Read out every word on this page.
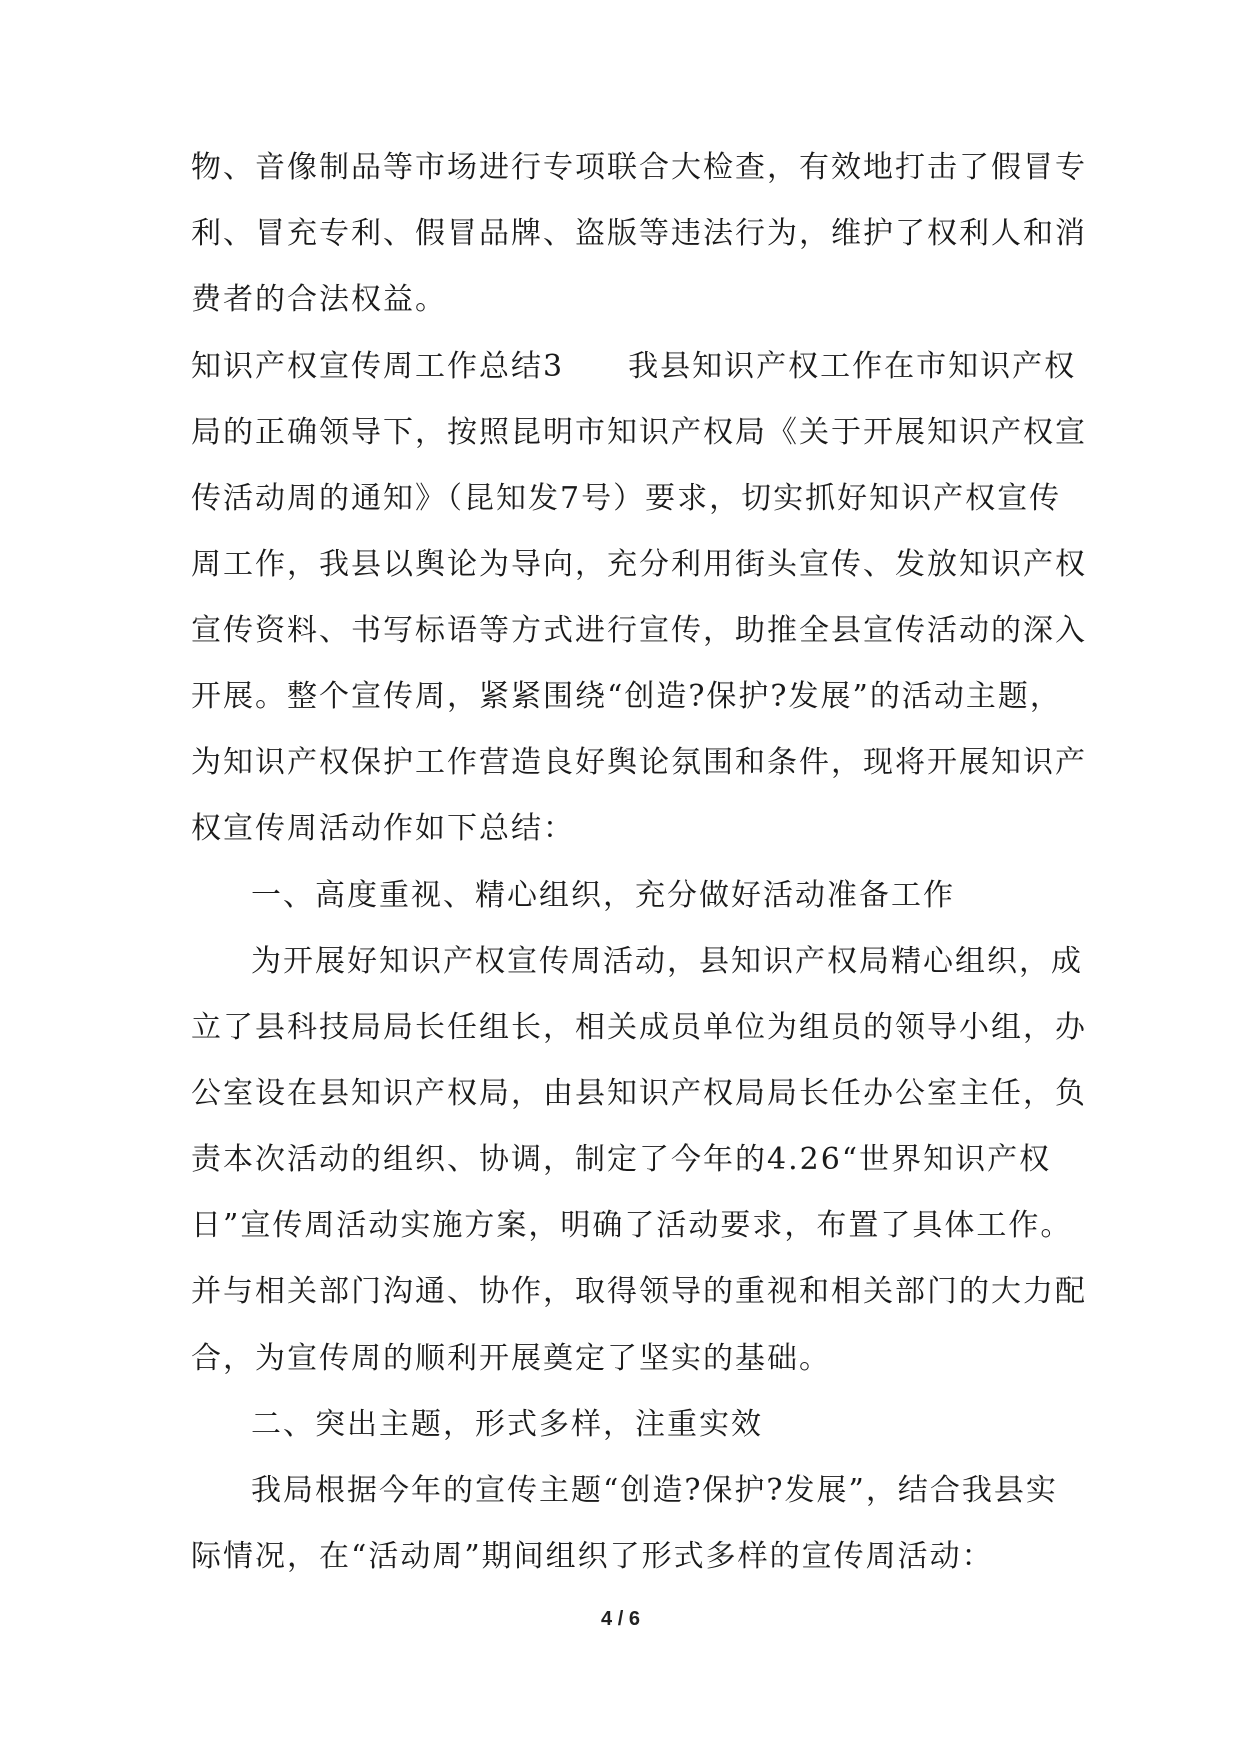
物、音像制品等市场进行专项联合大检查，有效地打击了假冒专
利、冒充专利、假冒品牌、盗版等违法行为，维护了权利人和消
费者的合法权益。
知识产权宣传周工作总结3　　我县知识产权工作在市知识产权
局的正确领导下，按照昆明市知识产权局《关于开展知识产权宣
传活动周的通知》（昆知发7号）要求，切实抓好知识产权宣传
周工作，我县以舆论为导向，充分利用街头宣传、发放知识产权
宣传资料、书写标语等方式进行宣传，助推全县宣传活动的深入
开展。整个宣传周，紧紧围绕“创造?保护?发展”的活动主题，
为知识产权保护工作营造良好舆论氛围和条件，现将开展知识产
权宣传周活动作如下总结：
一、高度重视、精心组织，充分做好活动准备工作
为开展好知识产权宣传周活动，县知识产权局精心组织，成
立了县科技局局长任组长，相关成员单位为组员的领导小组，办
公室设在县知识产权局，由县知识产权局局长任办公室主任，负
责本次活动的组织、协调，制定了今年的4.26“世界知识产权
日”宣传周活动实施方案，明确了活动要求，布置了具体工作。
并与相关部门沟通、协作，取得领导的重视和相关部门的大力配
合，为宣传周的顺利开展奠定了坚实的基础。
二、突出主题，形式多样，注重实效
我局根据今年的宣传主题“创造?保护?发展”，结合我县实
际情况，在“活动周”期间组织了形式多样的宣传周活动：
4 / 6
